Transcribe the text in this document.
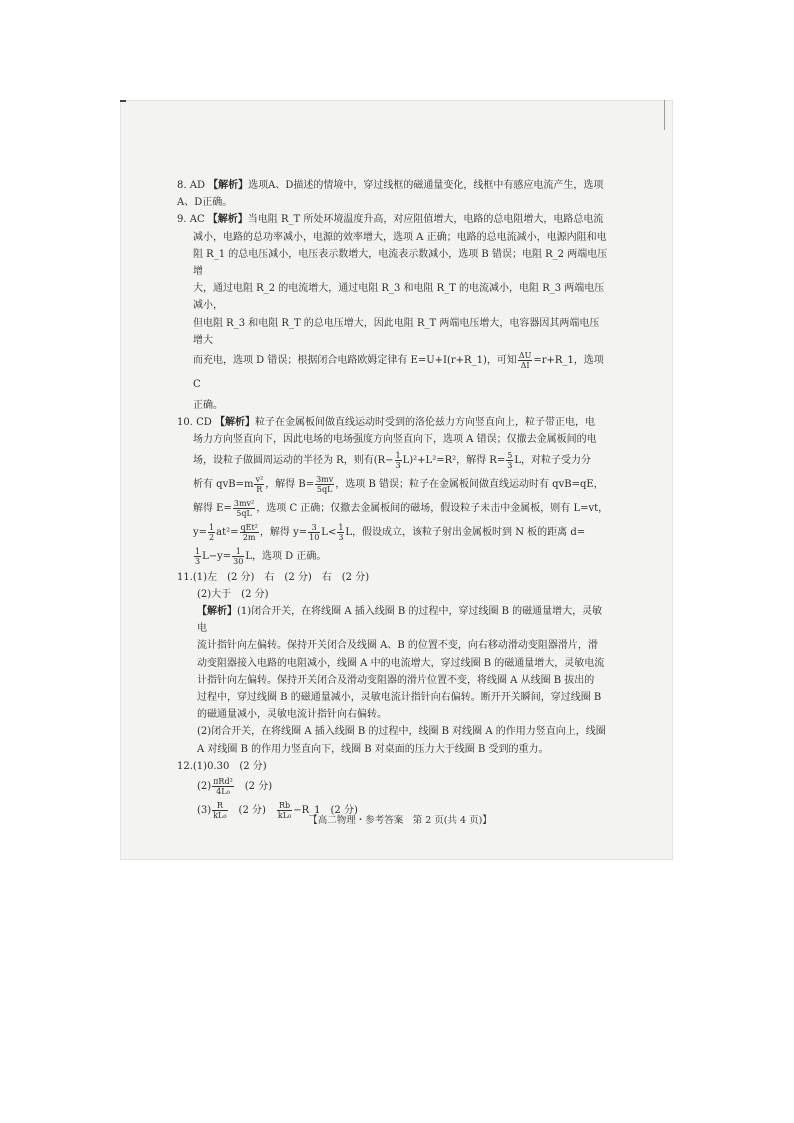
8. AD 【解析】选项A、D描述的情境中，穿过线框的磁通量变化，线框中有感应电流产生，选项A、D正确。

9. AC 【解析】当电阻 R_T 所处环境温度升高，对应阻值增大，电路的总电阻增大，电路总电流
减小，电路的总功率减小，电源的效率增大，选项 A 正确；电路的总电流减小，电源内阻和电
阻 R_1 的总电压减小，电压表示数增大，电流表示数减小，选项 B 错误；电阻 R_2 两端电压增
大，通过电阻 R_2 的电流增大，通过电阻 R_3 和电阻 R_T 的电流减小，电阻 R_3 两端电压减小，
但电阻 R_3 和电阻 R_T 的总电压增大，因此电阻 R_T 两端电压增大，电容器因其两端电压增大
而充电，选项 D 错误；根据闭合电路欧姆定律有 E=U+I(r+R_1)，可知 $\frac{\Delta U}{\Delta I}$ =r+R_1，选项 C
正确。
10. CD 【解析】粒子在金属板间做直线运动时受到的洛伦兹力方向竖直向上，粒子带正电，电
场力方向竖直向下，因此电场的电场强度方向竖直向下，选项 A 错误；仅撤去金属板间的电
场，设粒子做圆周运动的半径为 R，则有$(R- \frac{1}{3} L)^2+L^2=R^2$，解得 $R= \frac{5}{3}$ L，对粒子受力分
析有 $qvB=m \frac{\text{v²}}{R}$ ，解得 $B= \frac{3mv}{5qL}$ ，选项 B 错误；粒子在金属板间做直线运动时有 qvB=qE，
解得 $E= \frac{\text{3mv²}}{5qL}$ ，选项 C 正确；仅撤去金属板间的磁场，假设粒子未击中金属板，则有 L=vt，
$y= \frac{1}{2} at^2= \frac{\text{qEt²}}{2m}$ ，解得 $y= \frac{3}{10} L< \frac{1}{3}$ L，假设成立，该粒子射出金属板时到 N 板的距离 d=
$\frac{1}{3} L-y= \frac{1}{30}$ L，选项 D 正确。
11.(1)左　(2 分)　右　(2 分)　右　(2 分)
(2)大于　(2 分)
【解析】(1)闭合开关，在将线圈 A 插入线圈 B 的过程中，穿过线圈 B 的磁通量增大，灵敏电
流计指针向左偏转。保持开关闭合及线圈 A、B 的位置不变，向右移动滑动变阻器滑片，滑
动变阻器接入电路的电阻减小，线圈 A 中的电流增大，穿过线圈 B 的磁通量增大，灵敏电流
计指针向左偏转。保持开关闭合及滑动变阻器的滑片位置不变，将线圈 A 从线圈 B 拔出的
过程中，穿过线圈 B 的磁通量减小，灵敏电流计指针向右偏转。断开开关瞬间，穿过线圈 B
的磁通量减小，灵敏电流计指针向右偏转。
(2)闭合开关，在将线圈 A 插入线圈 B 的过程中，线圈 B 对线圈 A 的作用力竖直向上，线圈
A 对线圈 B 的作用力竖直向下，线圈 B 对桌面的压力大于线圈 B 受到的重力。
12.(1)0.30　(2 分)
$(2) \frac{\text{πRd²}}{\text{4L₀}}$ 　(2 分)
$(3) \frac{R}{\text{kL₀}}$ 　(2 分)　 $\frac{Rb}{\text{kL₀}}$ −R_1　(2 分)
【高二物理・参考答案　第 2 页(共 4 页)】
